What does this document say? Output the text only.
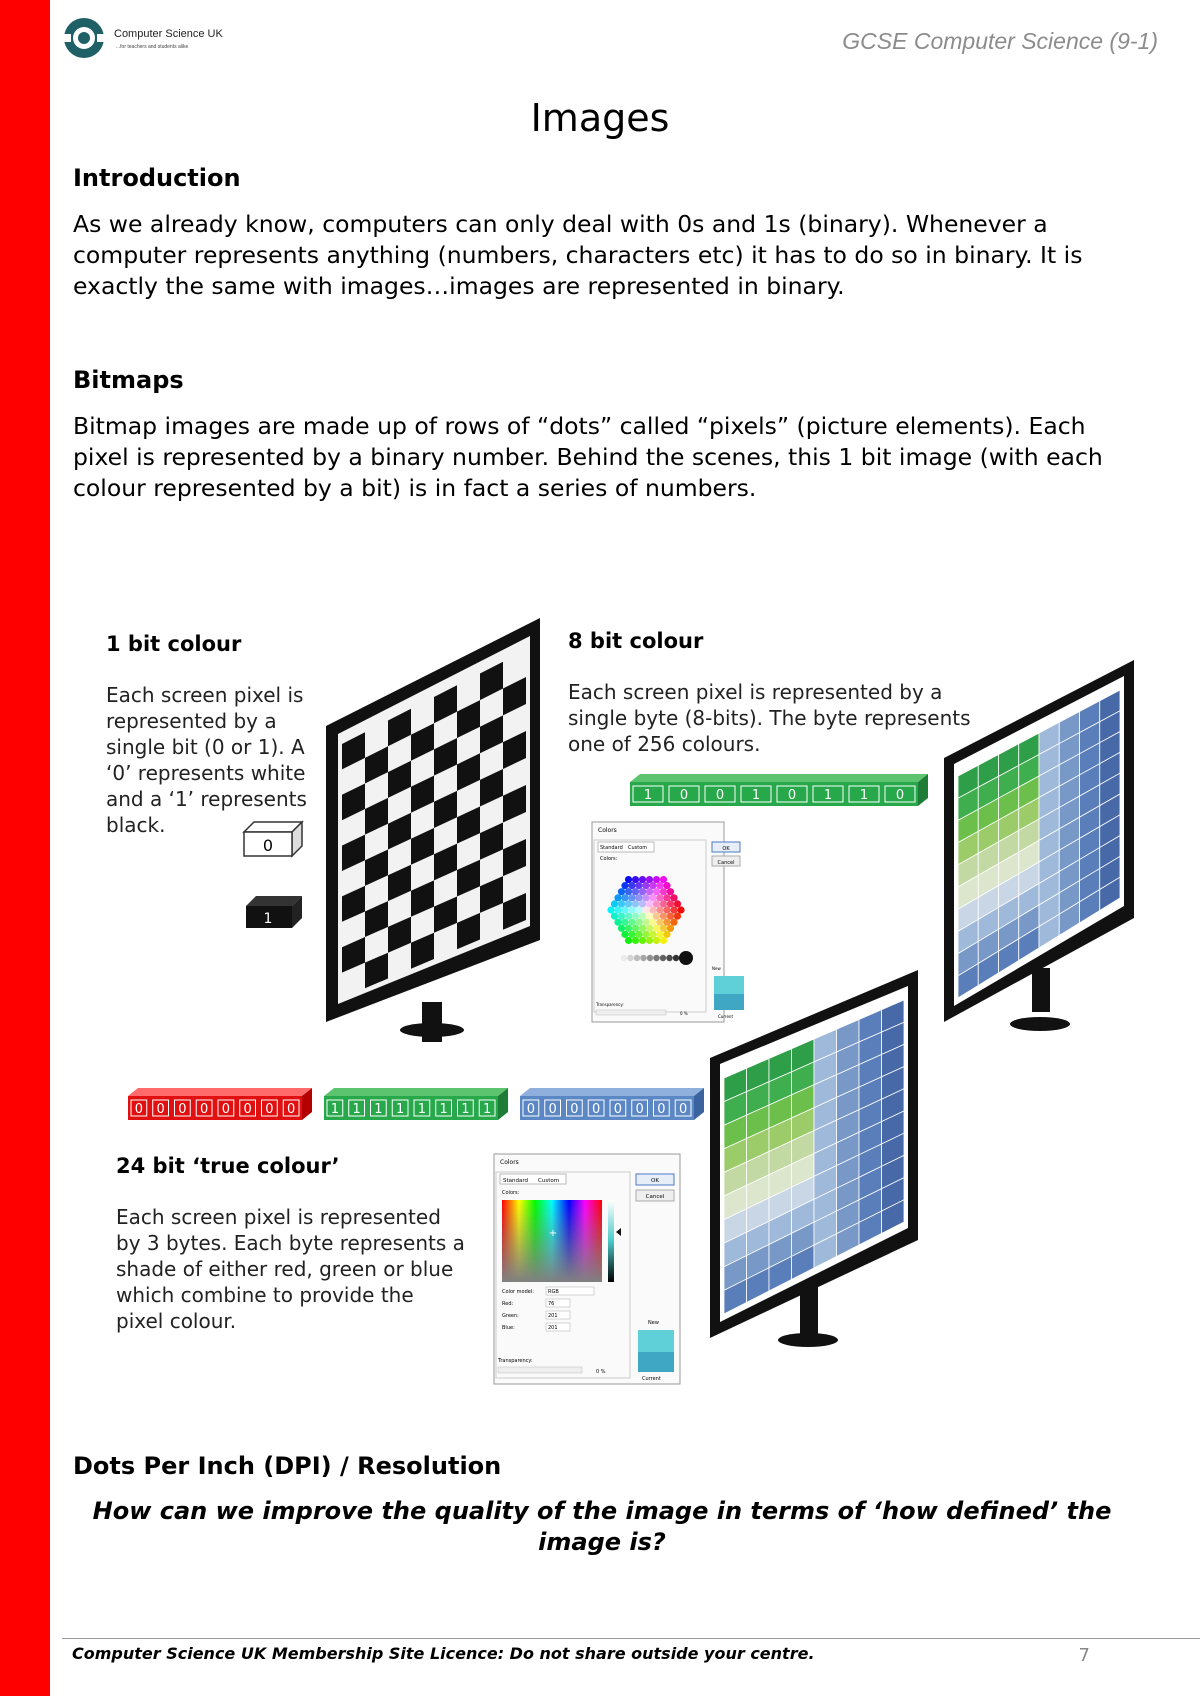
Computer Science UK
...for teachers and students alike	GCSE Computer Science (9-1)
Images
Introduction

As we already know, computers can only deal with 0s and 1s (binary). Whenever a computer represents anything (numbers, characters etc) it has to do so in binary. It is exactly the same with images…images are represented in binary.

Bitmaps

Bitmap images are made up of rows of “dots” called “pixels” (picture elements). Each pixel is represented by a binary number. Behind the scenes, this 1 bit image (with each colour represented by a bit) is in fact a series of numbers.

1 bit colour
Each screen pixel is represented by a single bit (0 or 1). A ‘0’ represents white and a ‘1’ represents black.
8 bit colour
Each screen pixel is represented by a single byte (8-bits). The byte represents one of 256 colours.
24 bit ‘true colour’
Each screen pixel is represented by 3 bytes. Each byte represents a shade of either red, green or blue which combine to provide the pixel colour.
0
1
1 0 0 1 0 1 1 0
Colors
Standard Custom
Colors:
OK
Cancel
New
Current
Transparency:
0 %
0 0 0 0 0 0 0 0	1 1 1 1 1 1 1 1	0 0 0 0 0 0 0 0
Colors
Standard Custom
Colors:
+
Color model:	RGB
Red:	76
Green:	201
Blue:	201
Transparency:
0 %
OK
Cancel
New
Current
Dots Per Inch (DPI) / Resolution
How can we improve the quality of the image in terms of ‘how defined’ the image is?
Computer Science UK Membership Site Licence: Do not share outside your centre.	7
